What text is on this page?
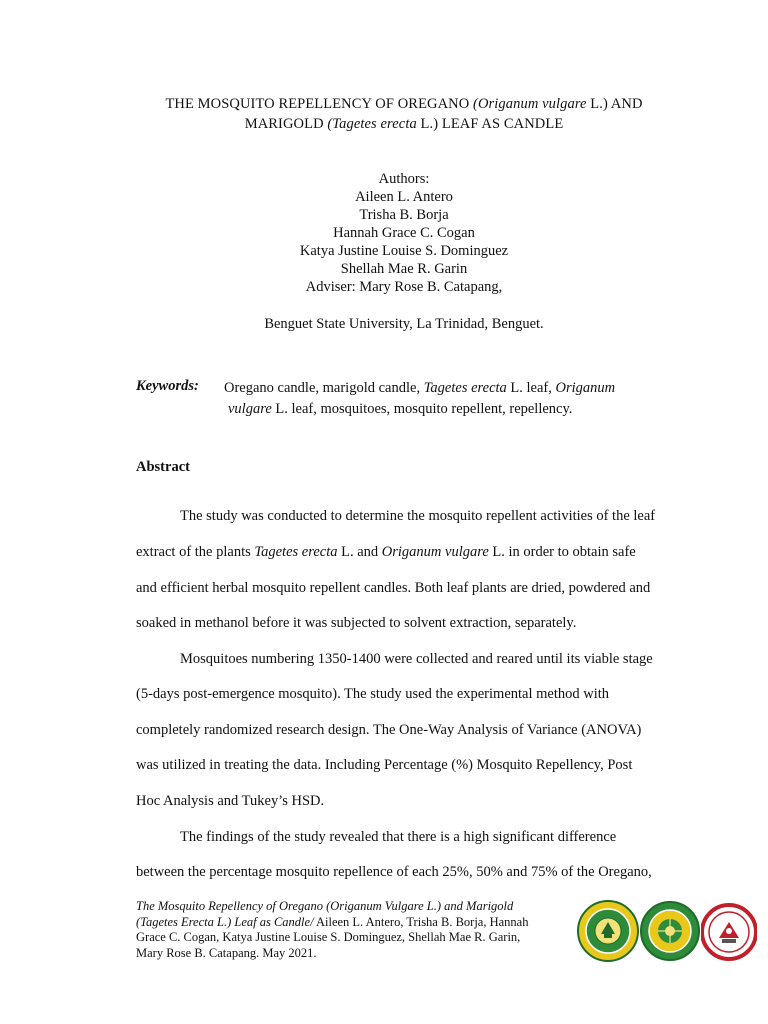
THE MOSQUITO REPELLENCY OF OREGANO (Origanum vulgare L.) AND
MARIGOLD (Tagetes erecta L.) LEAF AS CANDLE
Authors:
Aileen L. Antero
Trisha B. Borja
Hannah Grace C. Cogan
Katya Justine Louise S. Dominguez
Shellah Mae R. Garin
Adviser: Mary Rose B. Catapang,
Benguet State University, La Trinidad, Benguet.
Keywords: Oregano candle, marigold candle, Tagetes erecta L. leaf, Origanum
vulgare L. leaf, mosquitoes, mosquito repellent, repellency.
Abstract
The study was conducted to determine the mosquito repellent activities of the leaf
extract of the plants Tagetes erecta L. and Origanum vulgare L. in order to obtain safe
and efficient herbal mosquito repellent candles. Both leaf plants are dried, powdered and
soaked in methanol before it was subjected to solvent extraction, separately.
Mosquitoes numbering 1350-1400 were collected and reared until its viable stage
(5-days post-emergence mosquito). The study used the experimental method with
completely randomized research design. The One-Way Analysis of Variance (ANOVA)
was utilized in treating the data. Including Percentage (%) Mosquito Repellency, Post
Hoc Analysis and Tukey’s HSD.
The findings of the study revealed that there is a high significant difference
between the percentage mosquito repellence of each 25%, 50% and 75% of the Oregano,
The Mosquito Repellency of Oregano (Origanum Vulgare L.) and Marigold
(Tagetes Erecta L.) Leaf as Candle/ Aileen L. Antero, Trisha B. Borja, Hannah
Grace C. Cogan, Katya Justine Louise S. Dominguez, Shellah Mae R. Garin,
Mary Rose B. Catapang. May 2021.
